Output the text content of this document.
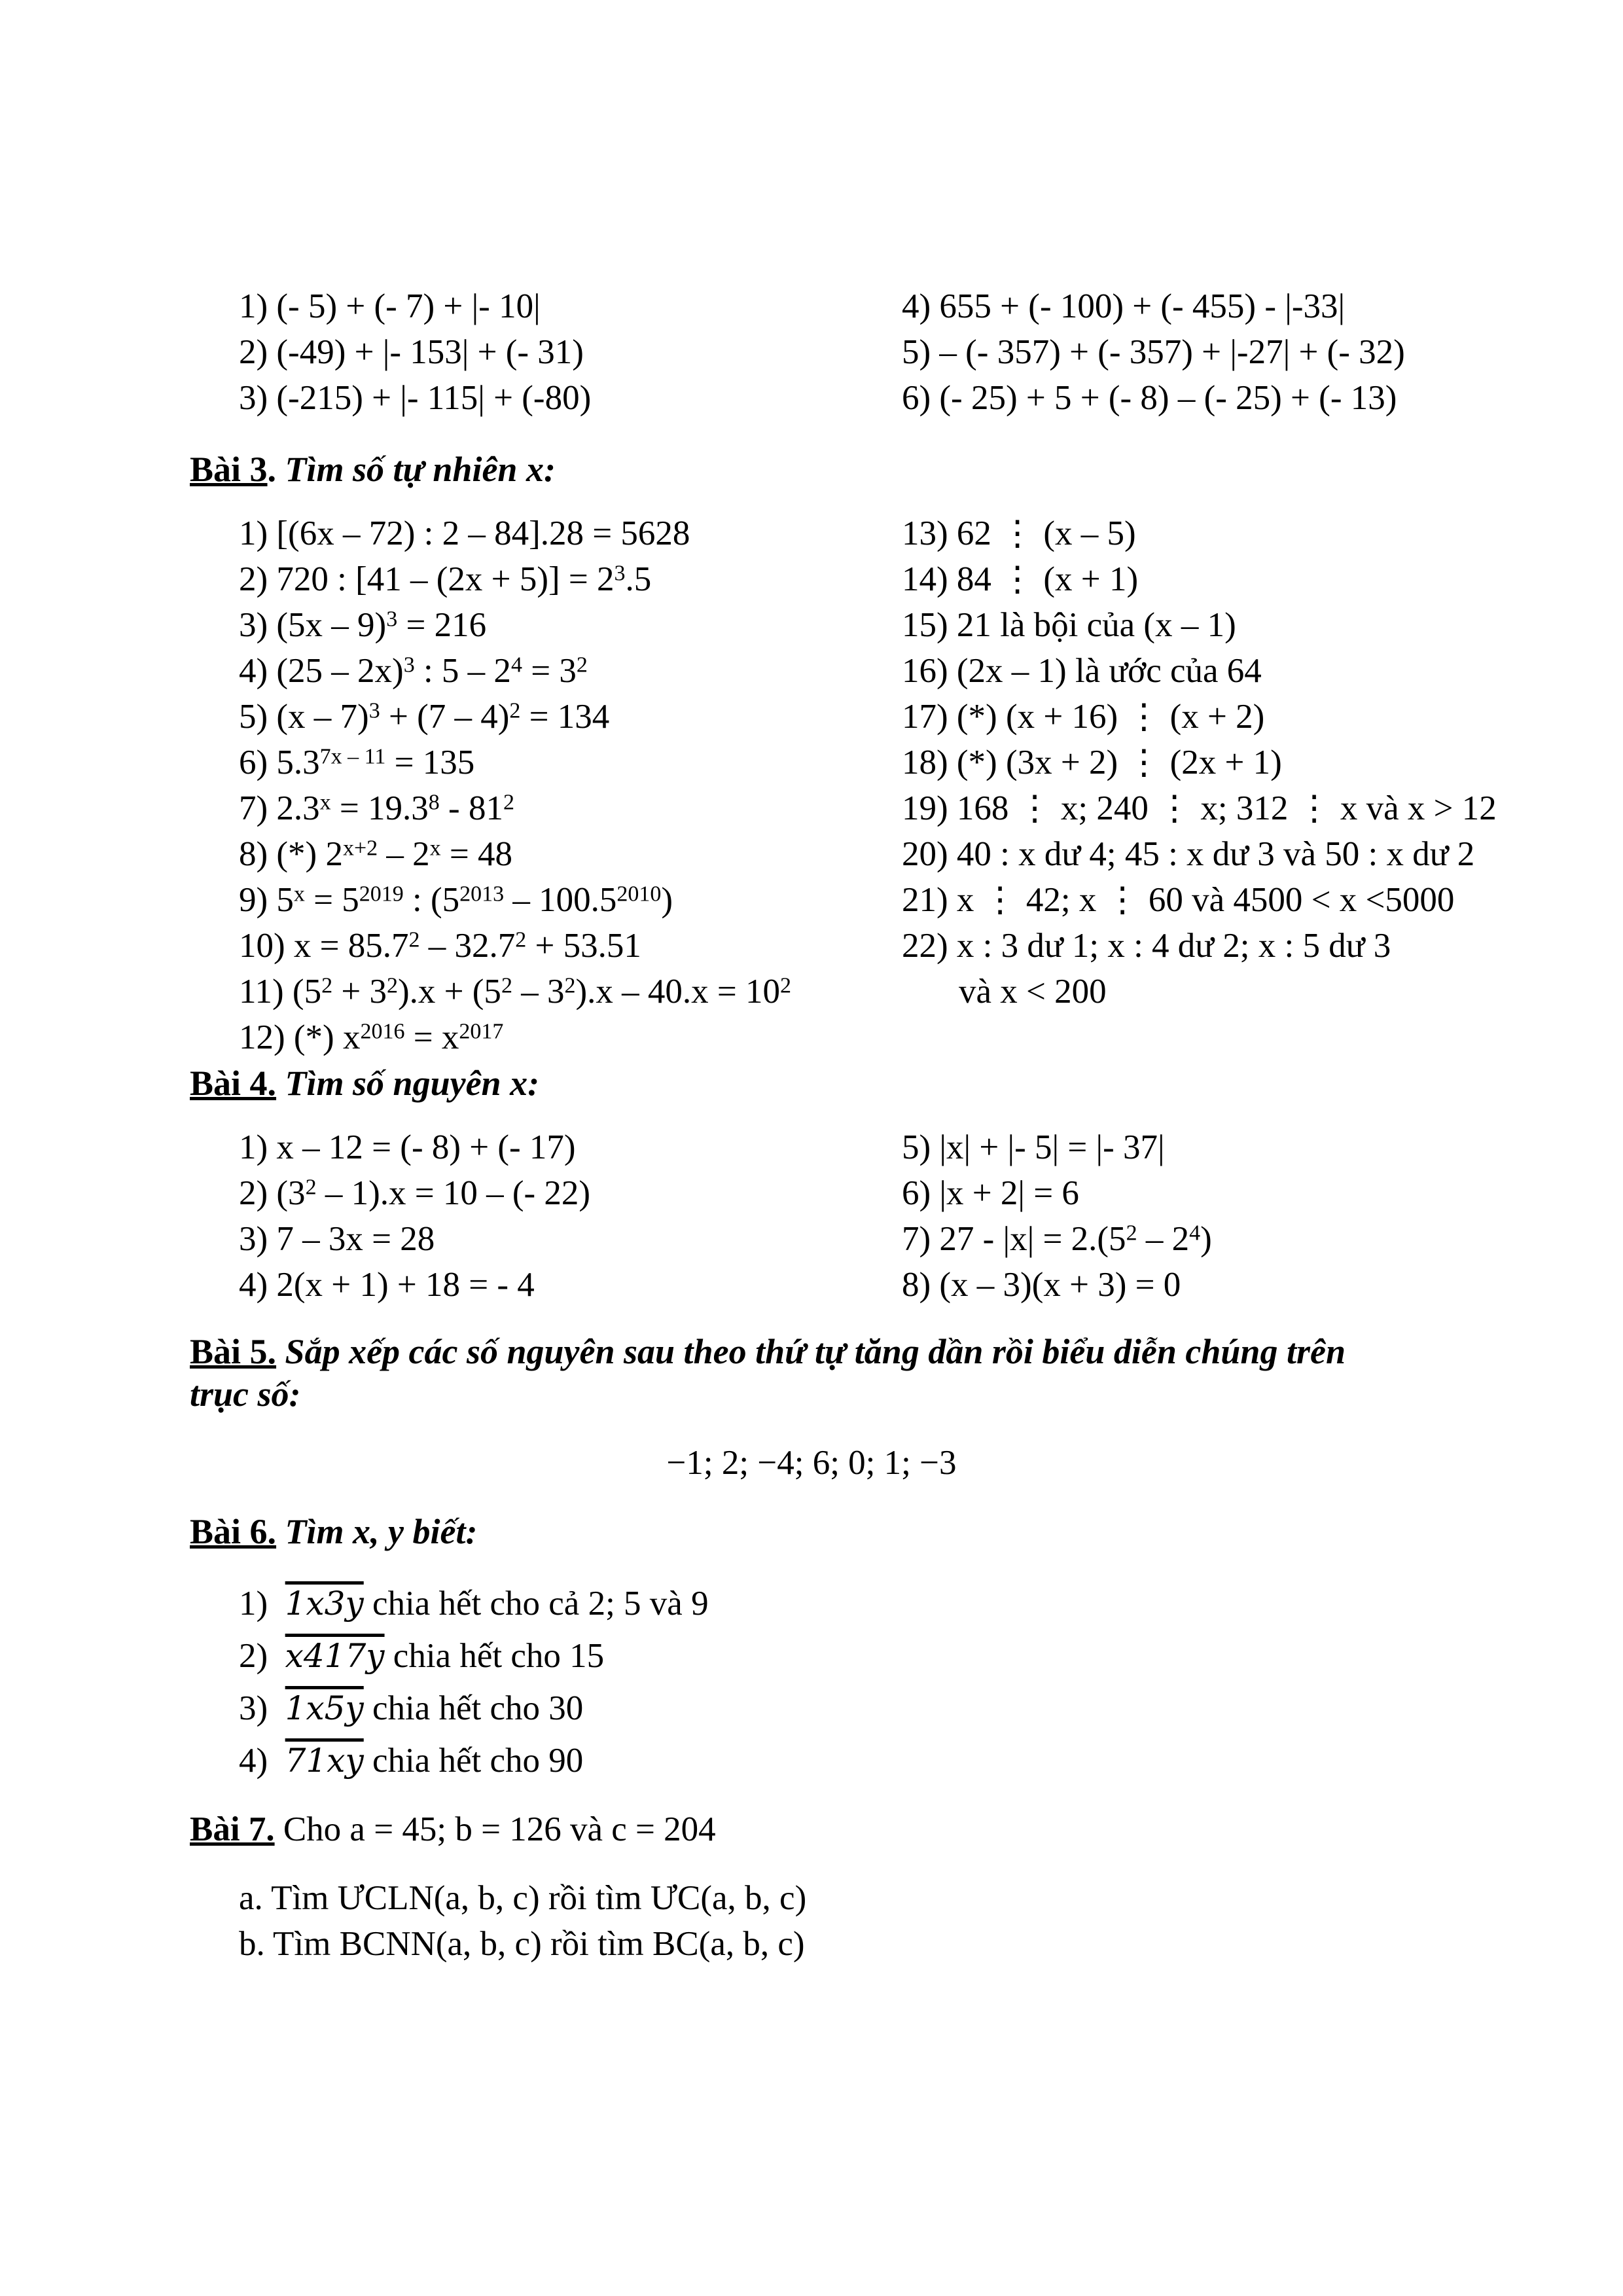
1) (- 5) + (- 7) + |- 10|
2) (-49) + |- 153| + (- 31)
3) (-215) + |- 115| + (-80)
4) 655 + (- 100) + (- 455) - |-33|
5) – (- 357) + (- 357) + |-27| + (- 32)
6) (- 25) + 5 + (- 8) – (- 25) + (- 13)
Bài 3. Tìm số tự nhiên x:
1) [(6x – 72) : 2 – 84].28 = 5628
2) 720 : $[41 - (2x + 5)] = 2^3.5$
3) (5x – 9)$^3$ = 216
4) (25 – 2x)$^3$ : $5 - 2^4 = 3^2$
5) (x – 7)$^3$ + (7 – 4)$^2$ = 134
6) $5.3^{7x - 11} = 135$
7) $2.3^x = 19.3^8 - 81^2$
8) (*) $2^{x+2} - 2^x = 48$
9) $5^x = 5^{2019}$ : $(5^{2013} - 100.5^{2010})$
10) $x = 85.7^2 - 32.7^2 + 53.51$
11) $(5^2 + 3^2).x + (5^2 - 3^2).x - 40.x = 10^2$
12) (*) $x^{2016} = x^{2017}$
13) 62 ⋮ (x – 5)
14) 84 ⋮ (x + 1)
15) 21 là bội của (x – 1)
16) (2x – 1) là ước của 64
17) (*) (x + 16) ⋮ (x + 2)
18) (*) (3x + 2) ⋮ (2x + 1)
19) 168 ⋮ x; 240 ⋮ x; 312 ⋮ x và x > 12
20) 40 : x dư 4; 45 : x dư 3 và 50 : x dư 2
21) x ⋮ 42; x ⋮ 60 và 4500 < x <5000
22) x : 3 dư 1; x : 4 dư 2; x : 5 dư 3
và x < 200
Bài 4. Tìm số nguyên x:
1) x – 12 = (- 8) + (- 17)
2) $(3^2 - 1).x = 10$ – (- 22)
3) 7 – 3x = 28
4) 2(x + 1) + 18 = - 4
5) |x| + |- 5| = |- 37|
6) |x + 2| = 6
7) $27 - |x| = 2.(5^2 - 2^4)$
8) (x – 3)(x + 3) = 0
Bài 5. Sắp xếp các số nguyên sau theo thứ tự tăng dần rồi biểu diễn chúng trên
trục số:
−1; 2; −4; 6; 0; 1; −3
Bài 6. Tìm x, y biết:
1) 1x3y chia hết cho cả 2; 5 và 9
2) x417y chia hết cho 15
3) 1x5y chia hết cho 30
4) 71xy chia hết cho 90
Bài 7. Cho a = 45; b = 126 và c = 204
a. Tìm ƯCLN(a, b, c) rồi tìm ƯC(a, b, c)
b. Tìm BCNN(a, b, c) rồi tìm BC(a, b, c)
